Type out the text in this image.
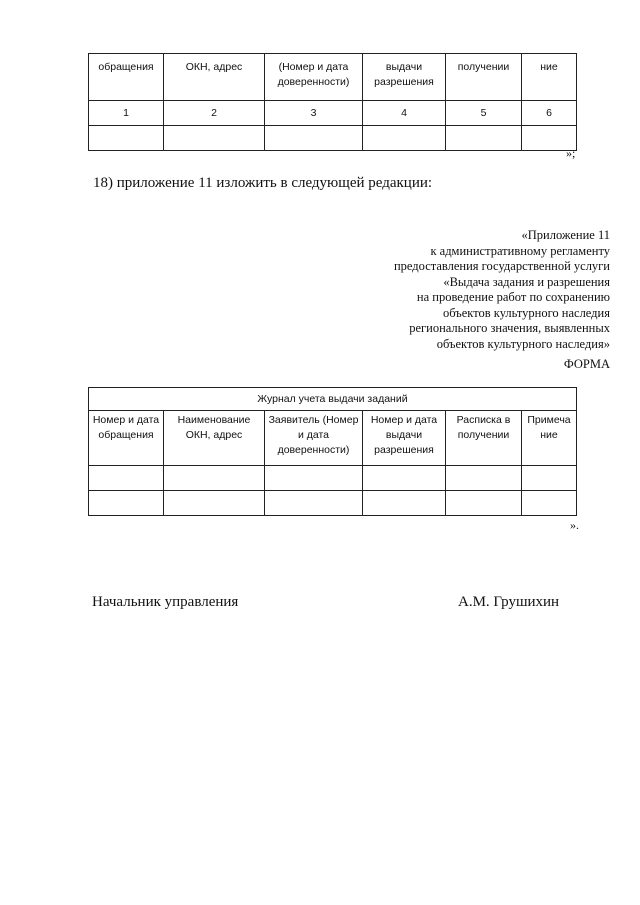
обращения	ОКН, адрес	(Номер и дата доверенности)	выдачи разрешения	получении	ние
1	2	3	4	5	6

»;
18) приложение 11 изложить в следующей редакции:
«Приложение 11
к административному регламенту
предоставления государственной услуги
«Выдача задания и разрешения
на проведение работ по сохранению
объектов культурного наследия
регионального значения, выявленных
объектов культурного наследия»
ФОРМА
Журнал учета выдачи заданий					
Номер и дата обращения	Наименование ОКН, адрес	Заявитель (Номер и дата доверенности)	Номер и дата выдачи разрешения	Расписка в получении	Примеча ние

».
Начальник управления	А.М. Грушихин
